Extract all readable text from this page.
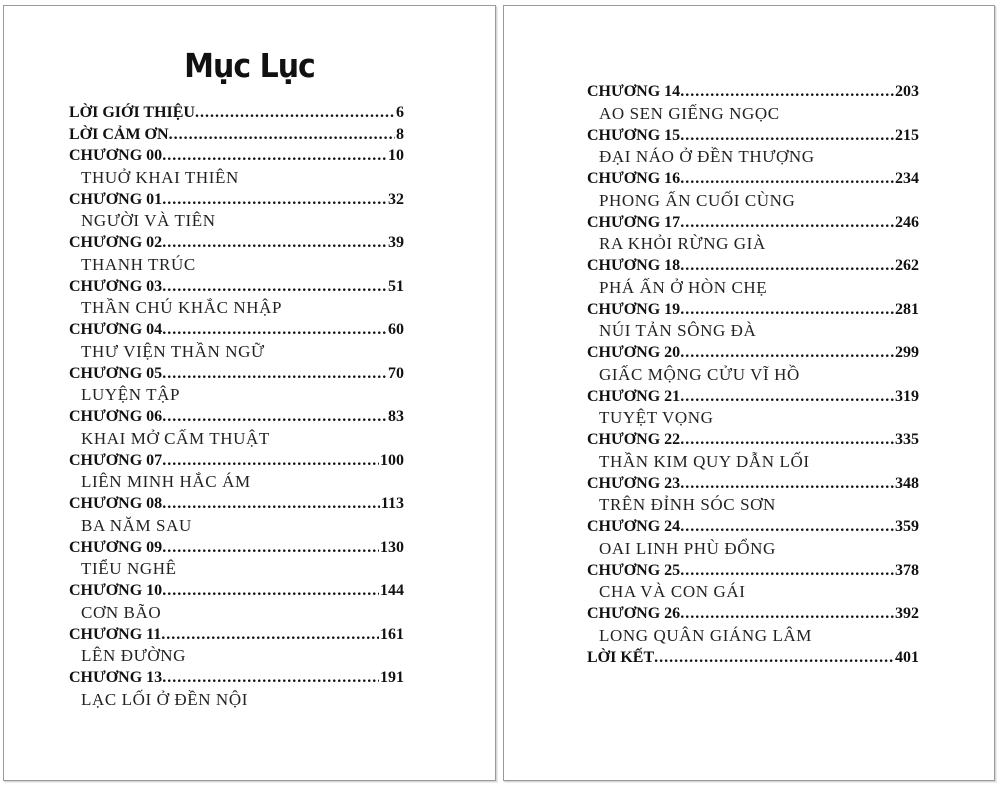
Mục Lục
LỜI GIỚI THIỆU .....	6
LỜI CẢM ƠN .....	8
CHƯƠNG 00 .....	10
THUỞ KHAI THIÊN
CHƯƠNG 01 .....	32
NGƯỜI VÀ TIÊN
CHƯƠNG 02 .....	39
THANH TRÚC
CHƯƠNG 03 .....	51
THẦN CHÚ KHẮC NHẬP
CHƯƠNG 04 .....	60
THƯ VIỆN THẦN NGỮ
CHƯƠNG 05 .....	70
LUYỆN TẬP
CHƯƠNG 06 .....	83
KHAI MỞ CẤM THUẬT
CHƯƠNG 07 .....	100
LIÊN MINH HẮC ÁM
CHƯƠNG 08 .....	113
BA NĂM SAU
CHƯƠNG 09 .....	130
TIỂU NGHÊ
CHƯƠNG 10 .....	144
CƠN BÃO
CHƯƠNG 11 .....	161
LÊN ĐƯỜNG
CHƯƠNG 13 .....	191
LẠC LỐI Ở ĐỀN NỘI
CHƯƠNG 14 .....	203
AO SEN GIẾNG NGỌC
CHƯƠNG 15 .....	215
ĐẠI NÁO Ở ĐỀN THƯỢNG
CHƯƠNG 16 .....	234
PHONG ẤN CUỐI CÙNG
CHƯƠNG 17 .....	246
RA KHỎI RỪNG GIÀ
CHƯƠNG 18 .....	262
PHÁ ẤN Ở HÒN CHẸ
CHƯƠNG 19 .....	281
NÚI TẢN SÔNG ĐÀ
CHƯƠNG 20 .....	299
GIẤC MỘNG CỬU VĨ HỒ
CHƯƠNG 21 .....	319
TUYỆT VỌNG
CHƯƠNG 22 .....	335
THẦN KIM QUY DẪN LỐI
CHƯƠNG 23 .....	348
TRÊN ĐỈNH SÓC SƠN
CHƯƠNG 24 .....	359
OAI LINH PHÙ ĐỔNG
CHƯƠNG 25 .....	378
CHA VÀ CON GÁI
CHƯƠNG 26 .....	392
LONG QUÂN GIÁNG LÂM
LỜI KẾT .....	401
